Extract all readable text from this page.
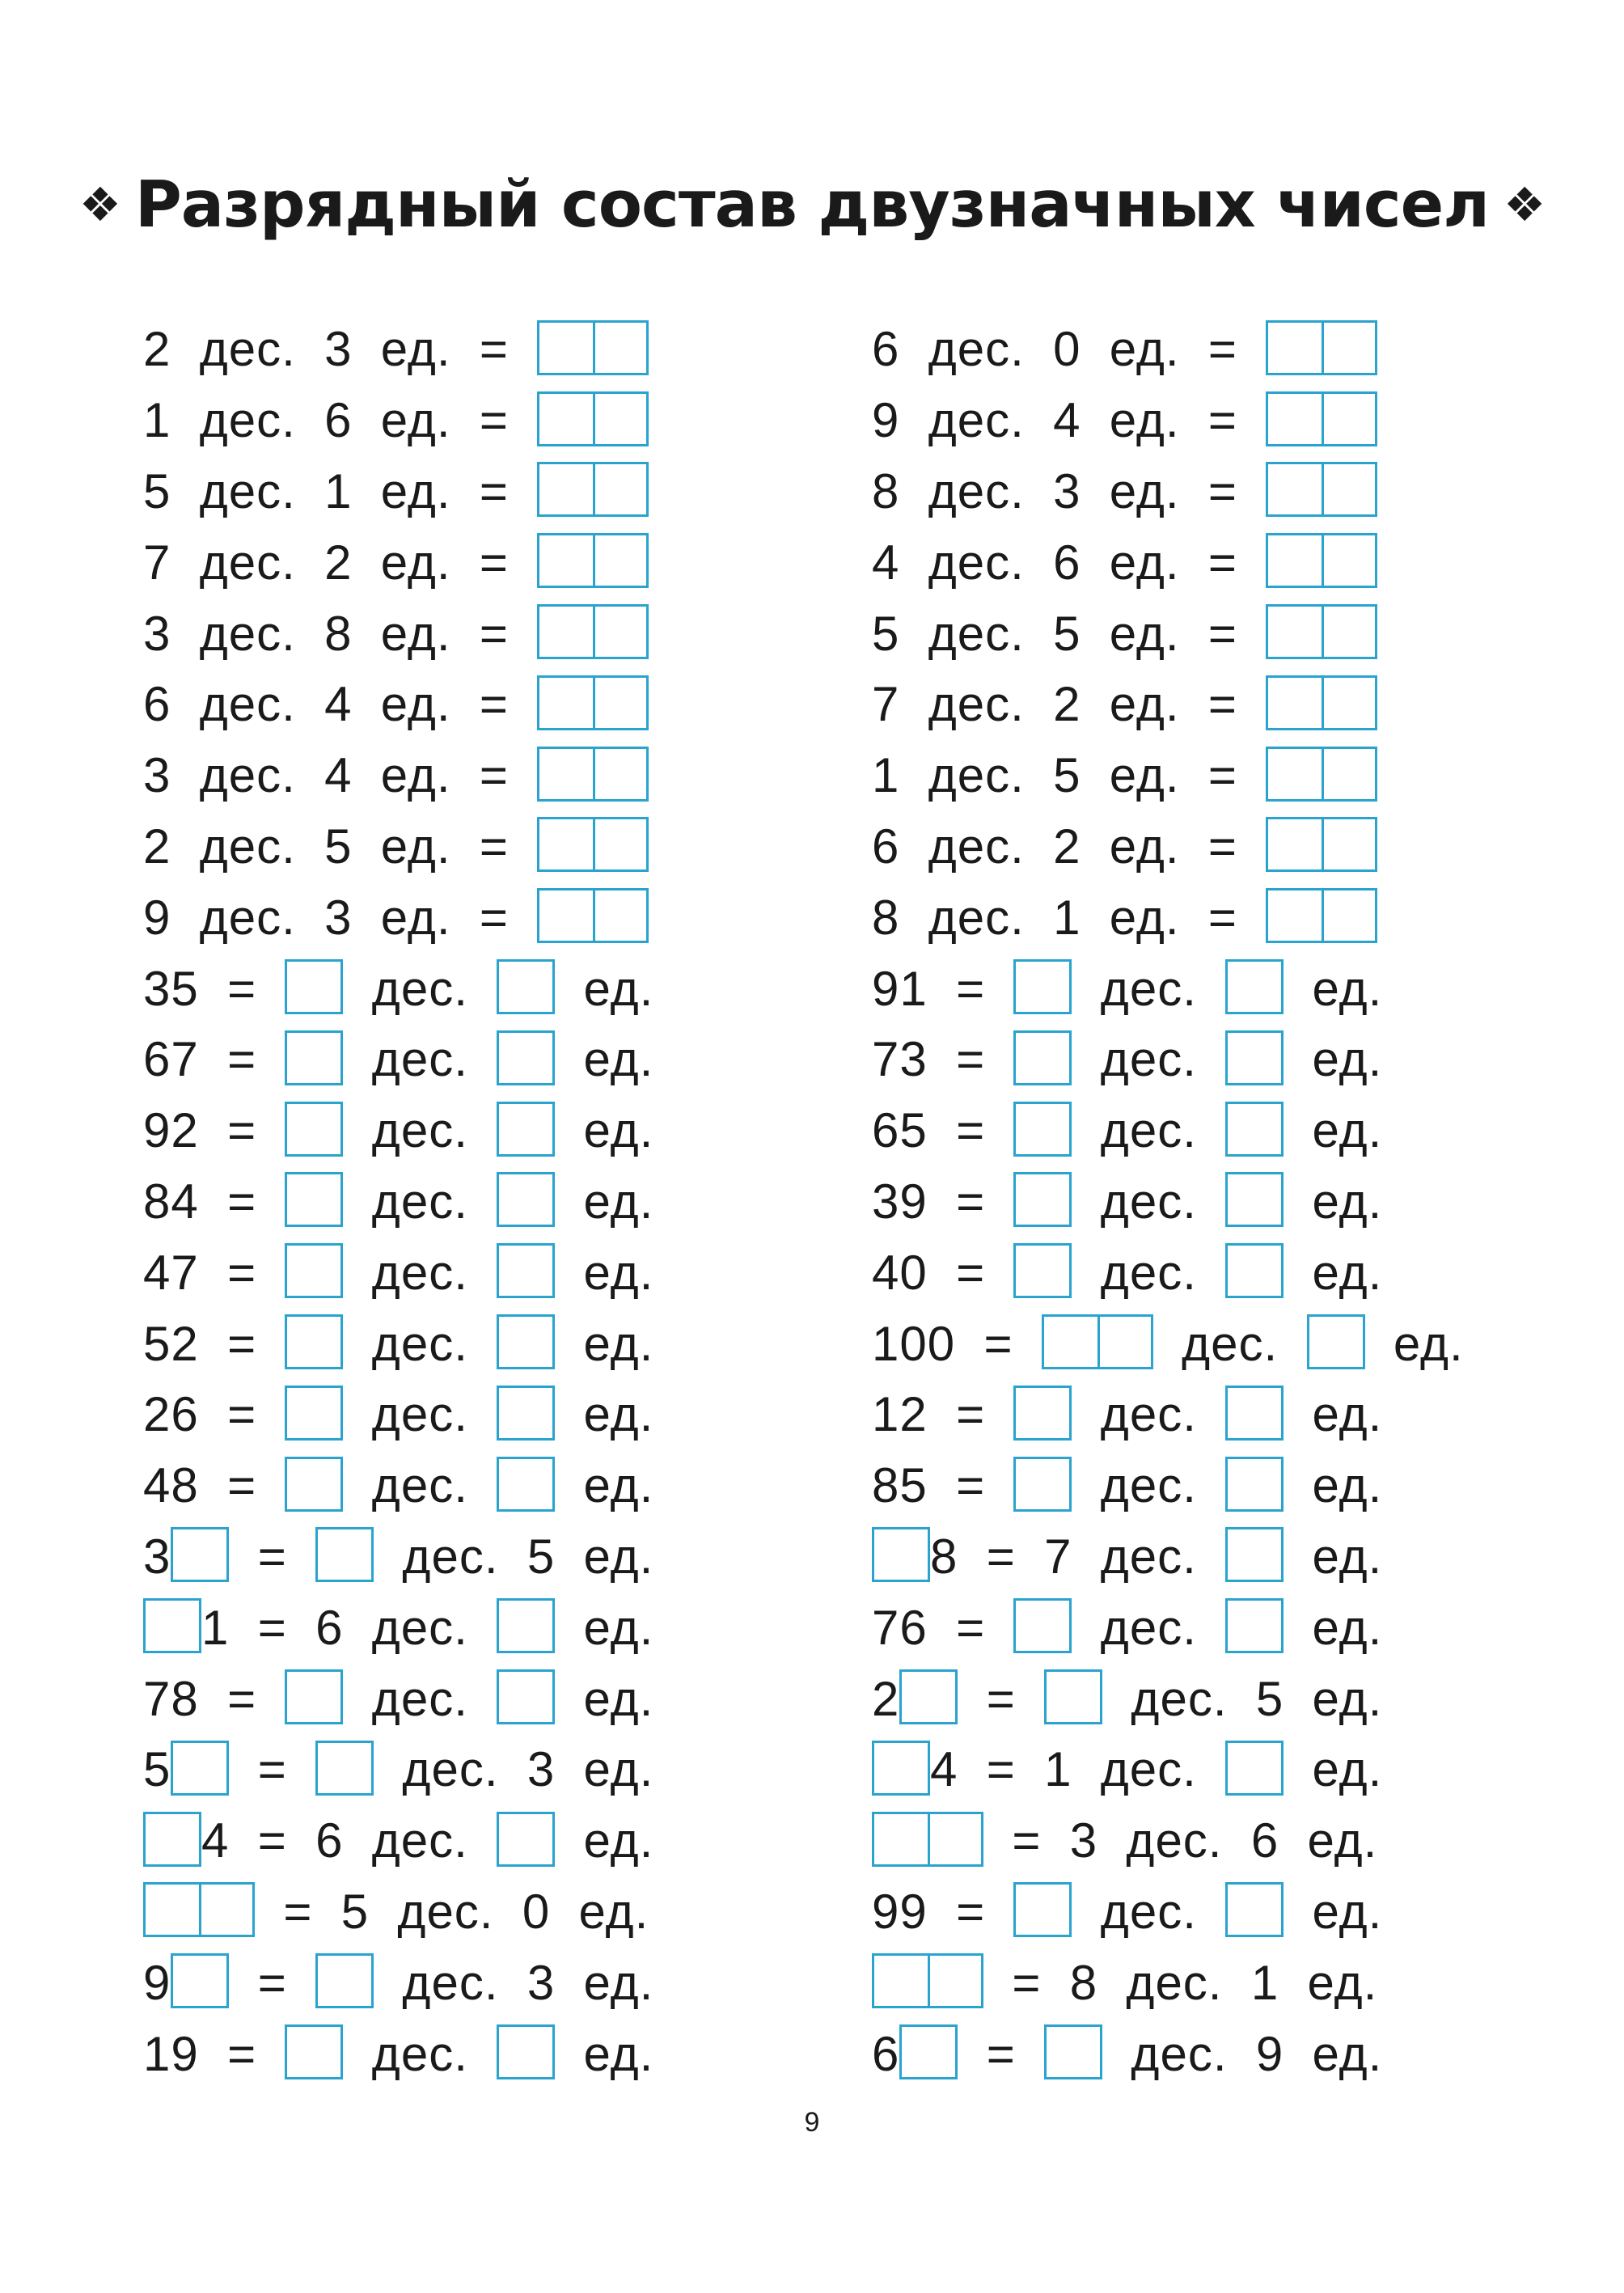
❖ Разрядный состав двузначных чисел ❖
2  дес.  3  ед.  =
1  дес.  6  ед.  =
5  дес.  1  ед.  =
7  дес.  2  ед.  =
3  дес.  8  ед.  =
6  дес.  4  ед.  =
3  дес.  4  ед.  =
2  дес.  5  ед.  =
9  дес.  3  ед.  =
35  = дес. ед.
67  = дес. ед.
92  = дес. ед.
84  = дес. ед.
47  = дес. ед.
52  = дес. ед.
26  = дес. ед.
48  = дес. ед.
3 = дес.  5  ед.
1  =  6  дес. ед.
78  = дес. ед.
5 = дес.  3  ед.
4  =  6  дес. ед.
=  5  дес.  0  ед.
9 = дес.  3  ед.
19  = дес. ед.
6  дес.  0  ед.  =
9  дес.  4  ед.  =
8  дес.  3  ед.  =
4  дес.  6  ед.  =
5  дес.  5  ед.  =
7  дес.  2  ед.  =
1  дес.  5  ед.  =
6  дес.  2  ед.  =
8  дес.  1  ед.  =
91  = дес. ед.
73  = дес. ед.
65  = дес. ед.
39  = дес. ед.
40  = дес. ед.
100  = дес. ед.
12  = дес. ед.
85  = дес. ед.
8  =  7  дес. ед.
76  = дес. ед.
2 = дес.  5  ед.
4  =  1  дес. ед.
=  3  дес.  6  ед.
99  = дес. ед.
=  8  дес.  1  ед.
6 = дес.  9  ед.
9
